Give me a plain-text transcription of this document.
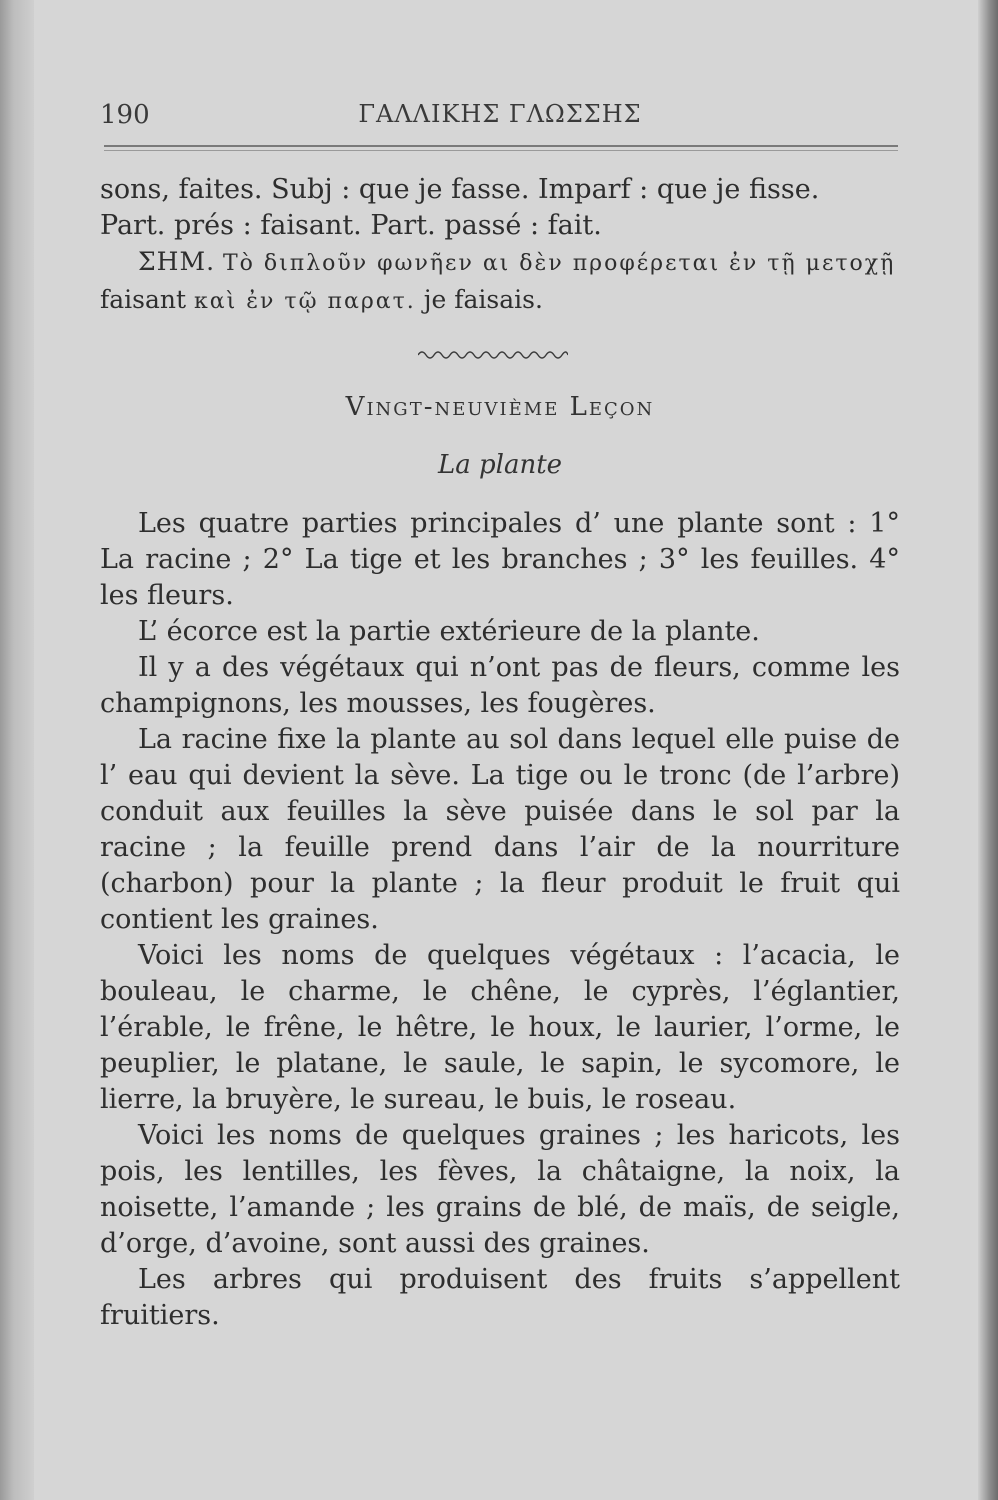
190	ΓΑΛΛΙΚΗΣ ΓΛΩΣΣΗΣ

sons, faites. Subj : que je fasse. Imparf : que je fisse.

Part. prés : faisant. Part. passé : fait.

ΣΗΜ. Τὸ διπλοῦν φωνῆεν αι δὲν προφέρεται ἐν τῇ μετοχῇ

faisant καὶ ἐν τῷ παρατ. je faisais.

Vingt-neuvième Leçon
La plante

Les quatre parties principales d’ une plante sont : 1° La racine ; 2° La tige et les branches ; 3° les feuilles. 4° les fleurs.

L’ écorce est la partie extérieure de la plante.

Il y a des végétaux qui n’ont pas de fleurs, comme les champignons, les mousses, les fougères.

La racine fixe la plante au sol dans lequel elle puise de l’ eau qui devient la sève. La tige ou le tronc (de l’arbre) conduit aux feuilles la sève puisée dans le sol par la racine ; la feuille prend dans l’air de la nourriture (charbon) pour la plante ; la fleur produit le fruit qui contient les graines.

Voici les noms de quelques végétaux : l’acacia, le bouleau, le charme, le chêne, le cyprès, l’églantier, l’érable, le frêne, le hêtre, le houx, le laurier, l’orme, le peuplier, le platane, le saule, le sapin, le sycomore, le lierre, la bruyère, le sureau, le buis, le roseau.

Voici les noms de quelques graines ; les haricots, les pois, les lentilles, les fèves, la châtaigne, la noix, la noisette, l’amande ; les grains de blé, de maïs, de seigle, d’orge, d’avoine, sont aussi des graines.

Les arbres qui produisent des fruits s’appellent fruitiers.
